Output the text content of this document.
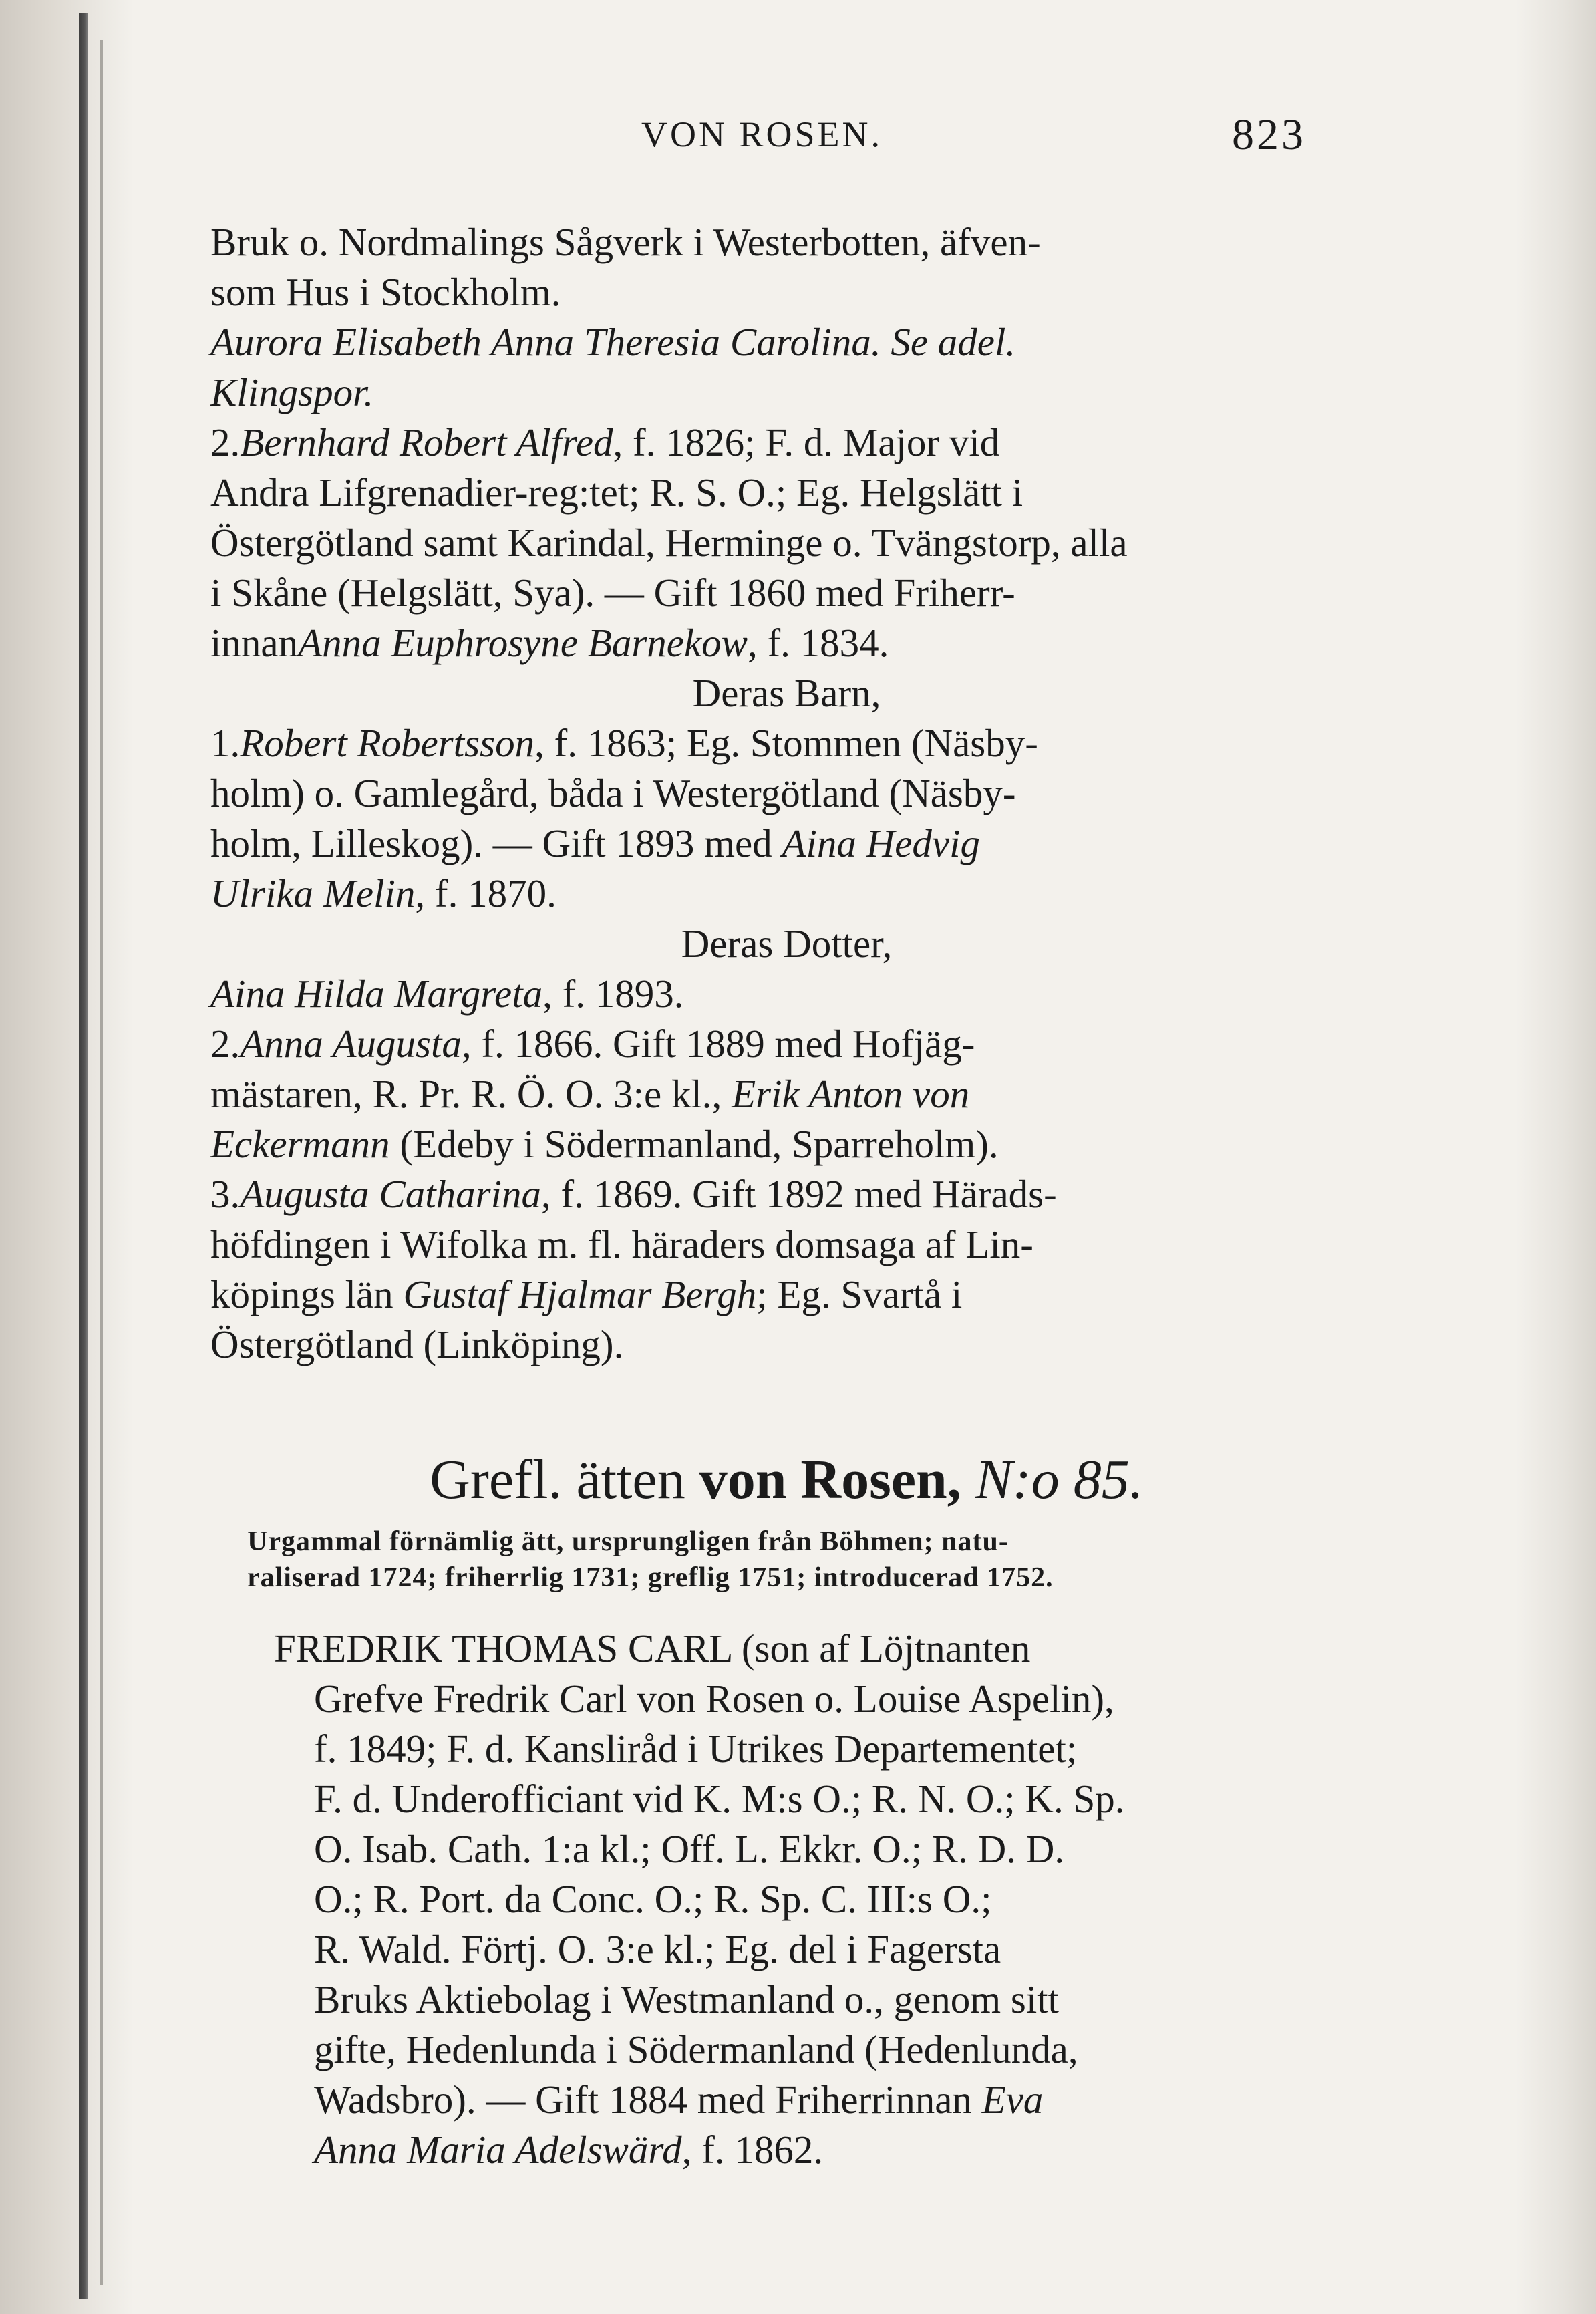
VON ROSEN.	823
Bruk o. Nordmalings Sågverk i Westerbotten, äfven-
som Hus i Stockholm.
Aurora Elisabeth Anna Theresia Carolina. Se adel.
Klingspor.
2.Bernhard Robert Alfred, f. 1826; F. d. Major vid
Andra Lifgrenadier-reg:tet; R. S. O.; Eg. Helgslätt i
Östergötland samt Karindal, Herminge o. Tvängstorp, alla
i Skåne (Helgslätt, Sya). — Gift 1860 med Friherr-
innan Anna Euphrosyne Barnekow , f. 1834.
Deras Barn,
1.Robert Robertsson, f. 1863; Eg. Stommen (Näsby-
holm) o. Gamlegård, båda i Westergötland (Näsby-
holm, Lilleskog). — Gift 1893 med Aina Hedvig
Ulrika Melin , f. 1870.
Deras Dotter,
Aina Hilda Margreta , f. 1893.
2.Anna Augusta, f. 1866. Gift 1889 med Hofjäg-
mästaren, R. Pr. R. Ö. O. 3:e kl., Erik Anton von
Eckermann (Edeby i Södermanland, Sparreholm).
3.Augusta Catharina, f. 1869. Gift 1892 med Härads-
höfdingen i Wifolka m. fl. häraders domsaga af Lin-
köpings län Gustaf Hjalmar Bergh; Eg. Svartå i
Östergötland (Linköping).
Grefl. ätten von Rosen, N:o 85.
Urgammal förnämlig ätt, ursprungligen från Böhmen; natu-
raliserad 1724; friherrlig 1731; greflig 1751; introducerad 1752.
FREDRIK THOMAS CARL (son af Löjtnanten
Grefve Fredrik Carl von Rosen o. Louise Aspelin),
f. 1849; F. d. Kansliråd i Utrikes Departementet;
F. d. Underofficiant vid K. M:s O.; R. N. O.; K. Sp.
O. Isab. Cath. 1:a kl.; Off. L. Ekkr. O.; R. D. D.
O.; R. Port. da Conc. O.; R. Sp. C. III:s O.;
R. Wald. Förtj. O. 3:e kl.; Eg. del i Fagersta
Bruks Aktiebolag i Westmanland o., genom sitt
gifte, Hedenlunda i Södermanland (Hedenlunda,
Wadsbro). — Gift 1884 med Friherrinnan Eva
Anna Maria Adelswärd , f. 1862.
